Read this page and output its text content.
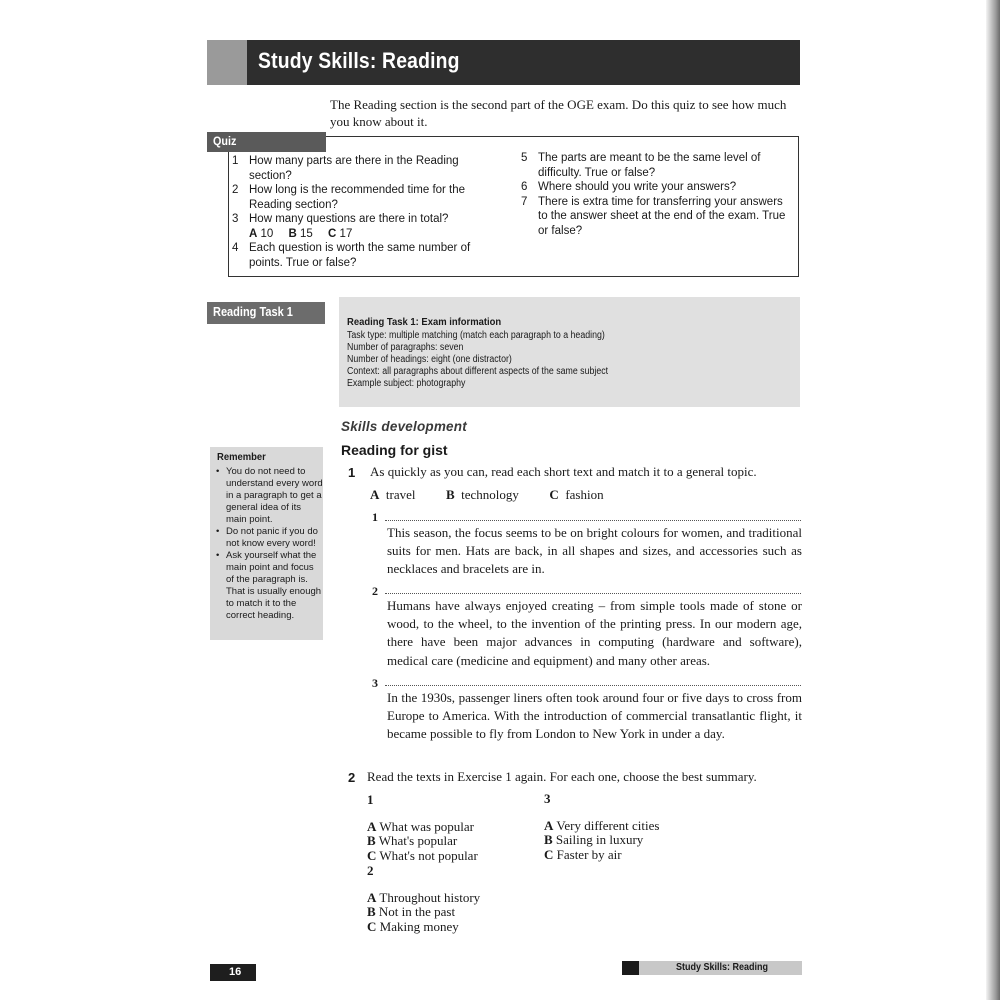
Study Skills: Reading
The Reading section is the second part of the OGE exam. Do this quiz to see how much you know about it.
Quiz
1 How many parts are there in the Reading section?
2 How long is the recommended time for the Reading section?
3 How many questions are there in total?
A 10 B 15 C 17
4 Each question is worth the same number of points. True or false?
5 The parts are meant to be the same level of difficulty. True or false?
6 Where should you write your answers?
7 There is extra time for transferring your answers to the answer sheet at the end of the exam. True or false?
Reading Task 1
Reading Task 1: Exam information
Task type: multiple matching (match each paragraph to a heading)
Number of paragraphs: seven
Number of headings: eight (one distractor)
Context: all paragraphs about different aspects of the same subject
Example subject: photography
Skills development
Reading for gist
Remember
• You do not need to understand every word in a paragraph to get a general idea of its main point.
• Do not panic if you do not know every word!
• Ask yourself what the main point and focus of the paragraph is. That is usually enough to match it to the correct heading.
1 As quickly as you can, read each short text and match it to a general topic.
A travel B technology C fashion
1
This season, the focus seems to be on bright colours for women, and traditional suits for men. Hats are back, in all shapes and sizes, and accessories such as necklaces and bracelets are in.
2
Humans have always enjoyed creating – from simple tools made of stone or wood, to the wheel, to the invention of the printing press. In our modern age, there have been major advances in computing (hardware and software), medical care (medicine and equipment) and many other areas.
3
In the 1930s, passenger liners often took around four or five days to cross from Europe to America. With the introduction of commercial transatlantic flight, it became possible to fly from London to New York in under a day.
2 Read the texts in Exercise 1 again. For each one, choose the best summary.
1
A What was popular
B What's popular
C What's not popular
2
A Throughout history
B Not in the past
C Making money
3
A Very different cities
B Sailing in luxury
C Faster by air
16	Study Skills: Reading
